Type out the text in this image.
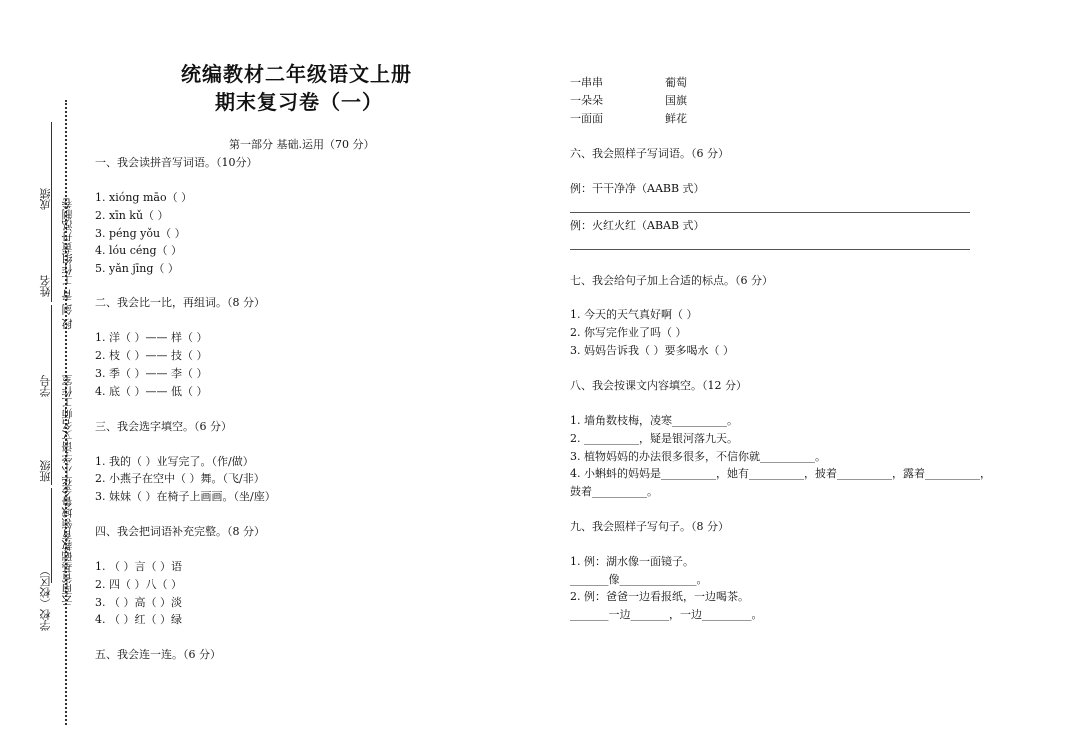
成绩
姓名
学号
班级
学校（校区）
段 剑 青 工作组黄丹泓制卷
云南省基础教育领域鲁金华小学语文名师工作室
统编教材二年级语文上册
期末复习卷（一）
第一部分 基础.运用（70 分）
一、我会读拼音写词语。（10分）
1. xióng māo（ ）
2. xīn kǔ（ ）
3. péng yǒu（ ）
4. lóu céng（ ）
5. yǎn jīng（ ）
二、我会比一比，再组词。（8 分）
1. 洋（ ）—— 样（ ）
2. 枝（ ）—— 技（ ）
3. 季（ ）—— 李（ ）
4. 底（ ）—— 低（ ）
三、我会选字填空。（6 分）
1. 我的（ ）业写完了。（作/做）
2. 小燕子在空中（ ）舞。（飞/非）
3. 妹妹（ ）在椅子上画画。（坐/座）
四、我会把词语补充完整。（8 分）
1. （ ）言（ ）语
2. 四（ ）八（ ）
3. （ ）高（ ）淡
4. （ ）红（ ）绿
五、我会连一连。（6 分）
一串串
一朵朵
一面面
葡萄
国旗
鲜花
六、我会照样子写词语。（6 分）
例：干干净净（AABB 式）
例：火红火红（ABAB 式）
七、我会给句子加上合适的标点。（6 分）
1. 今天的天气真好啊（ ）
2. 你写完作业了吗（ ）
3. 妈妈告诉我（ ）要多喝水（ ）
八、我会按课文内容填空。（12 分）
1. 墙角数枝梅，凌寒__________。
2. __________，疑是银河落九天。
3. 植物妈妈的办法很多很多，不信你就__________。
4. 小蝌蚪的妈妈是__________，她有__________，披着__________，露着__________，
鼓着__________。
九、我会照样子写句子。（8 分）
1. 例：湖水像一面镜子。
_______像______________。
2. 例：爸爸一边看报纸，一边喝茶。
_______一边_______，一边_________。
